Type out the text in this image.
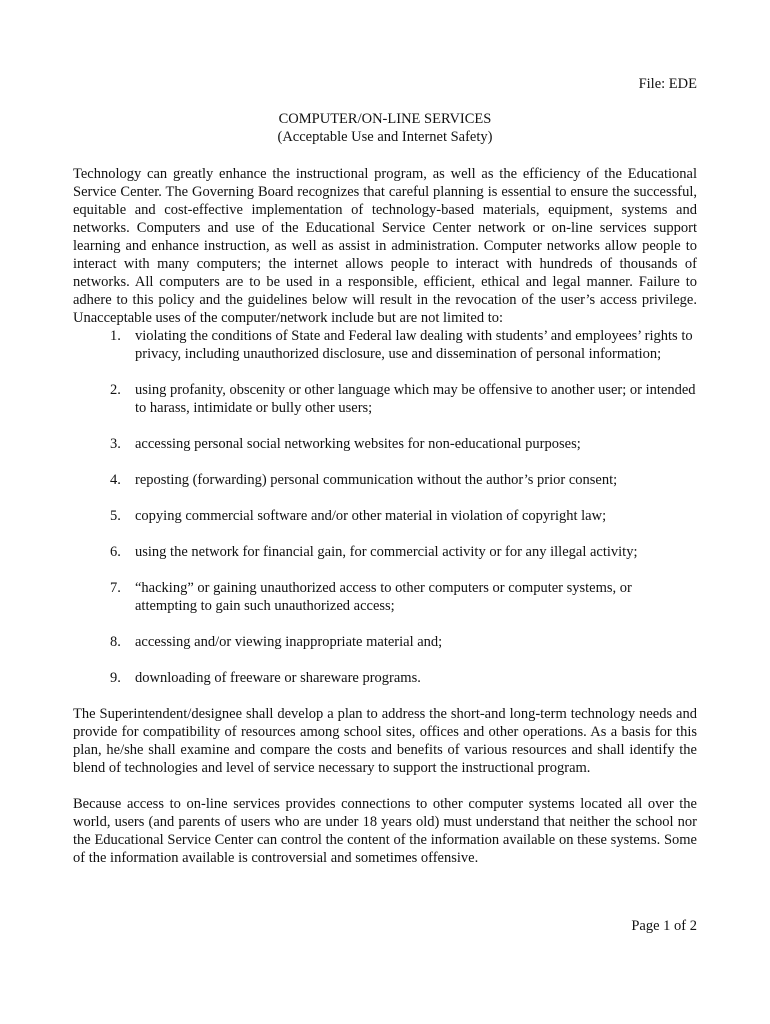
File: EDE
COMPUTER/ON-LINE SERVICES
(Acceptable Use and Internet Safety)

Technology can greatly enhance the instructional program, as well as the efficiency of the Educational Service Center. The Governing Board recognizes that careful planning is essential to ensure the successful, equitable and cost-effective implementation of technology-based materials, equipment, systems and networks. Computers and use of the Educational Service Center network or on-line services support learning and enhance instruction, as well as assist in administration. Computer networks allow people to interact with many computers; the internet allows people to interact with hundreds of thousands of networks. All computers are to be used in a responsible, efficient, ethical and legal manner. Failure to adhere to this policy and the guidelines below will result in the revocation of the user’s access privilege. Unacceptable uses of the computer/network include but are not limited to:

1. violating the conditions of State and Federal law dealing with students’ and employees’ rights to privacy, including unauthorized disclosure, use and dissemination of personal information;
2. using profanity, obscenity or other language which may be offensive to another user; or intended to harass, intimidate or bully other users;
3. accessing personal social networking websites for non-educational purposes;
4. reposting (forwarding) personal communication without the author’s prior consent;
5. copying commercial software and/or other material in violation of copyright law;
6. using the network for financial gain, for commercial activity or for any illegal activity;
7. “hacking” or gaining unauthorized access to other computers or computer systems, or attempting to gain such unauthorized access;
8. accessing and/or viewing inappropriate material and;
9. downloading of freeware or shareware programs.

The Superintendent/designee shall develop a plan to address the short-and long-term technology needs and provide for compatibility of resources among school sites, offices and other operations. As a basis for this plan, he/she shall examine and compare the costs and benefits of various resources and shall identify the blend of technologies and level of service necessary to support the instructional program.

Because access to on-line services provides connections to other computer systems located all over the world, users (and parents of users who are under 18 years old) must understand that neither the school nor the Educational Service Center can control the content of the information available on these systems. Some of the information available is controversial and sometimes offensive.

Page 1 of 2
